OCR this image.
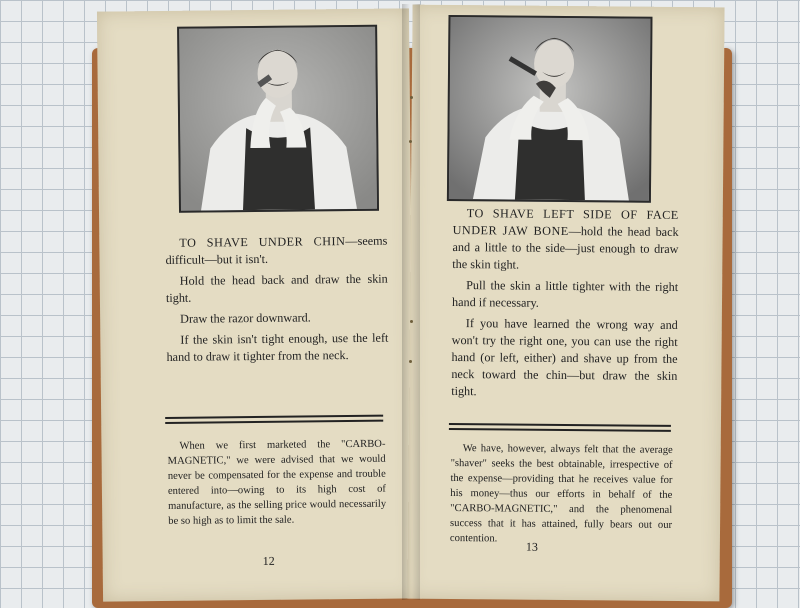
TO SHAVE UNDER CHIN—seems difficult—but it isn't.

Hold the head back and draw the skin tight.

Draw the razor downward.

If the skin isn't tight enough, use the left hand to draw it tighter from the neck.

When we first marketed the "CARBO-MAGNETIC," we were advised that we would never be compensated for the expense and trouble entered into—owing to its high cost of manufacture, as the selling price would necessarily be so high as to limit the sale.

12

TO SHAVE LEFT SIDE OF FACE UNDER JAW BONE—hold the head back and a little to the side—just enough to draw the skin tight.

Pull the skin a little tighter with the right hand if necessary.

If you have learned the wrong way and won't try the right one, you can use the right hand (or left, either) and shave up from the neck toward the chin—but draw the skin tight.

We have, however, always felt that the average "shaver" seeks the best obtainable, irrespective of the expense—providing that he receives value for his money—thus our efforts in behalf of the "CARBO-MAGNETIC," and the phenomenal success that it has attained, fully bears out our contention.

13
